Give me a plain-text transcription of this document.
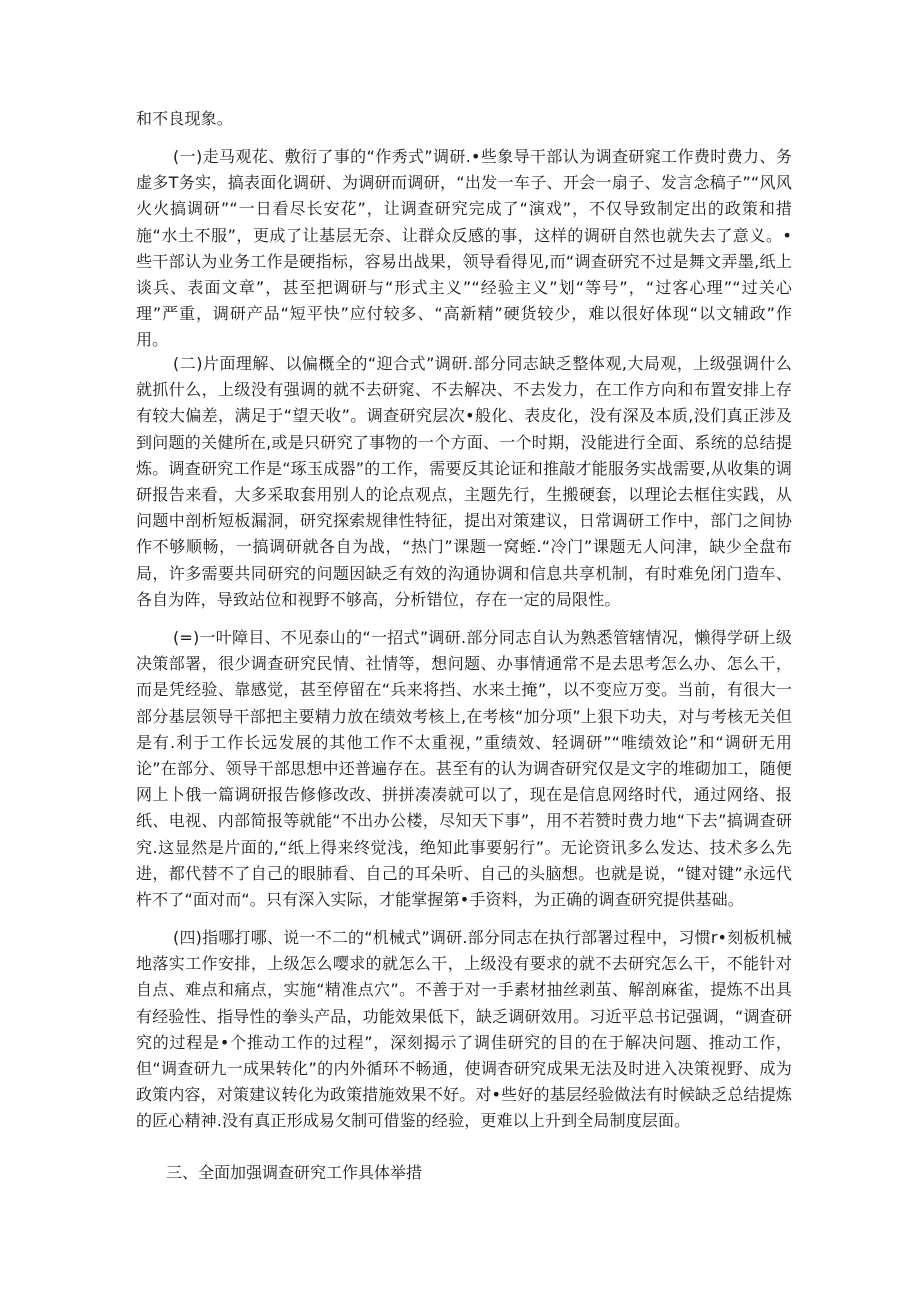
和不良现象。

(一)走马观花、敷衍了事的“作秀式”调研.•些象导干部认为调查研窕工作费时费力、务虚多T务实，搞表面化调研、为调研而调研，“出发一车子、开会一扇子、发言念稿子”“风风火火搞调研”“一日看尽长安花”，让调查研究完成了“演戏”，不仅导致制定出的政策和措施“水土不服”，更成了让基层无奈、让群众反感的事，这样的调研自然也就失去了意义。•些干部认为业务工作是硬指标，容易出战果，领导看得见,而“调查研究不过是舞文弄墨,纸上谈兵、表面文章”，甚至把调研与“形式主义”“经验主义”划“等号”，“过客心理”“过关心理”严重，调研产品“短平快”应付较多、“高新精”硬货较少，难以很好体现“以文辅政”作用。

(二)片面理解、以偏概全的“迎合式”调研.部分同志缺乏整体观,大局观，上级强调什么就抓什么，上级没有强调的就不去研窕、不去解决、不去发力，在工作方向和布置安排上存有较大偏差，满足于“望天收”。调查研究层次•般化、表皮化，没有深及本质,没们真正涉及到问题的关健所在,或是只研究了事物的一个方面、一个时期，没能进行全面、系统的总结提炼。调查研究工作是“琢玉成器”的工作，需要反其论证和推敲才能服务实战需要,从收集的调研报告来看，大多采取套用别人的论点观点，主题先行，生搬硬套，以理论去框住实践，从问题中剖析短板漏洞，研究探索规律性特征，提出对策建议，日常调研工作中，部门之间协作不够顺畅，一搞调研就各自为战，“热门”课题一窝蛭.“冷门”课题无人问津，缺少全盘布局，许多需要共同研究的问题因缺乏有效的沟通协调和信息共享机制，有时难免闭门造车、各自为阵，导致站位和视野不够高，分析错位，存在一定的局限性。

(=)一叶障目、不见泰山的“一招式”调研.部分同志自认为熟悉管辖情况，懒得学研上级决策部署，很少调查研究民情、社情等，想问题、办事情通常不是去思考怎么办、怎么干，而是凭经验、靠感觉，甚至停留在“兵来将挡、水来土掩”，以不变应万变。当前，有很大一部分基层领导干部把主要精力放在绩效考核上,在考核“加分项”上狠下功夫，对与考核无关但是有.利于工作长远发展的其他工作不太重视，”重绩效、轻调研”“唯绩效论”和“调研无用论”在部分、领导干部思想中还普遍存在。甚至有的认为调杳研究仅是文字的堆砌加工，随便网上卜俄一篇调研报告修修改改、拼拼凑凑就可以了，现在是信息网络时代，通过网络、报纸、电视、内部简报等就能“不出办公楼，尽知天下事”，用不若赞时费力地“下去”搞调查研究.这显然是片面的,“纸上得来终觉浅，绝知此事要躬行”。无论资讯多么发达、技术多么先进，都代替不了自己的眼肺看、自己的耳朵听、自己的头脑想。也就是说，“键对键”永远代杵不了“面对而“。只有深入实际，才能掌握第•手资料，为正确的调查研究提供基础。

(四)指哪打哪、说一不二的“机械式”调研.部分同志在执行部署过程中，习惯r•刻板机械地落实工作安排，上级怎么嘤求的就怎么干，上级没有要求的就不去研究怎么干，不能针对自点、难点和痛点，实施“精准点穴”。不善于对一手素材抽丝剥茧、解剖麻雀，提炼不出具有经验性、指导性的拳头产品，功能效果低下，缺乏调研效用。习近平总书记强调，“调查研究的过程是•个推动工作的过程”，深刻揭示了调佳研究的目的在于解决问题、推动工作，但“调查研九一成果转化”的内外循环不畅通，使调杳研究成果无法及时进入决策视野、成为政策内容，对策建议转化为政策措施效果不好。对•些好的基层经验做法有时候缺乏总结提炼的匠心精神.没有真正形成易攵制可借鉴的经验，更难以上升到全局制度层面。

三、全面加强调查研究工作具体举措
